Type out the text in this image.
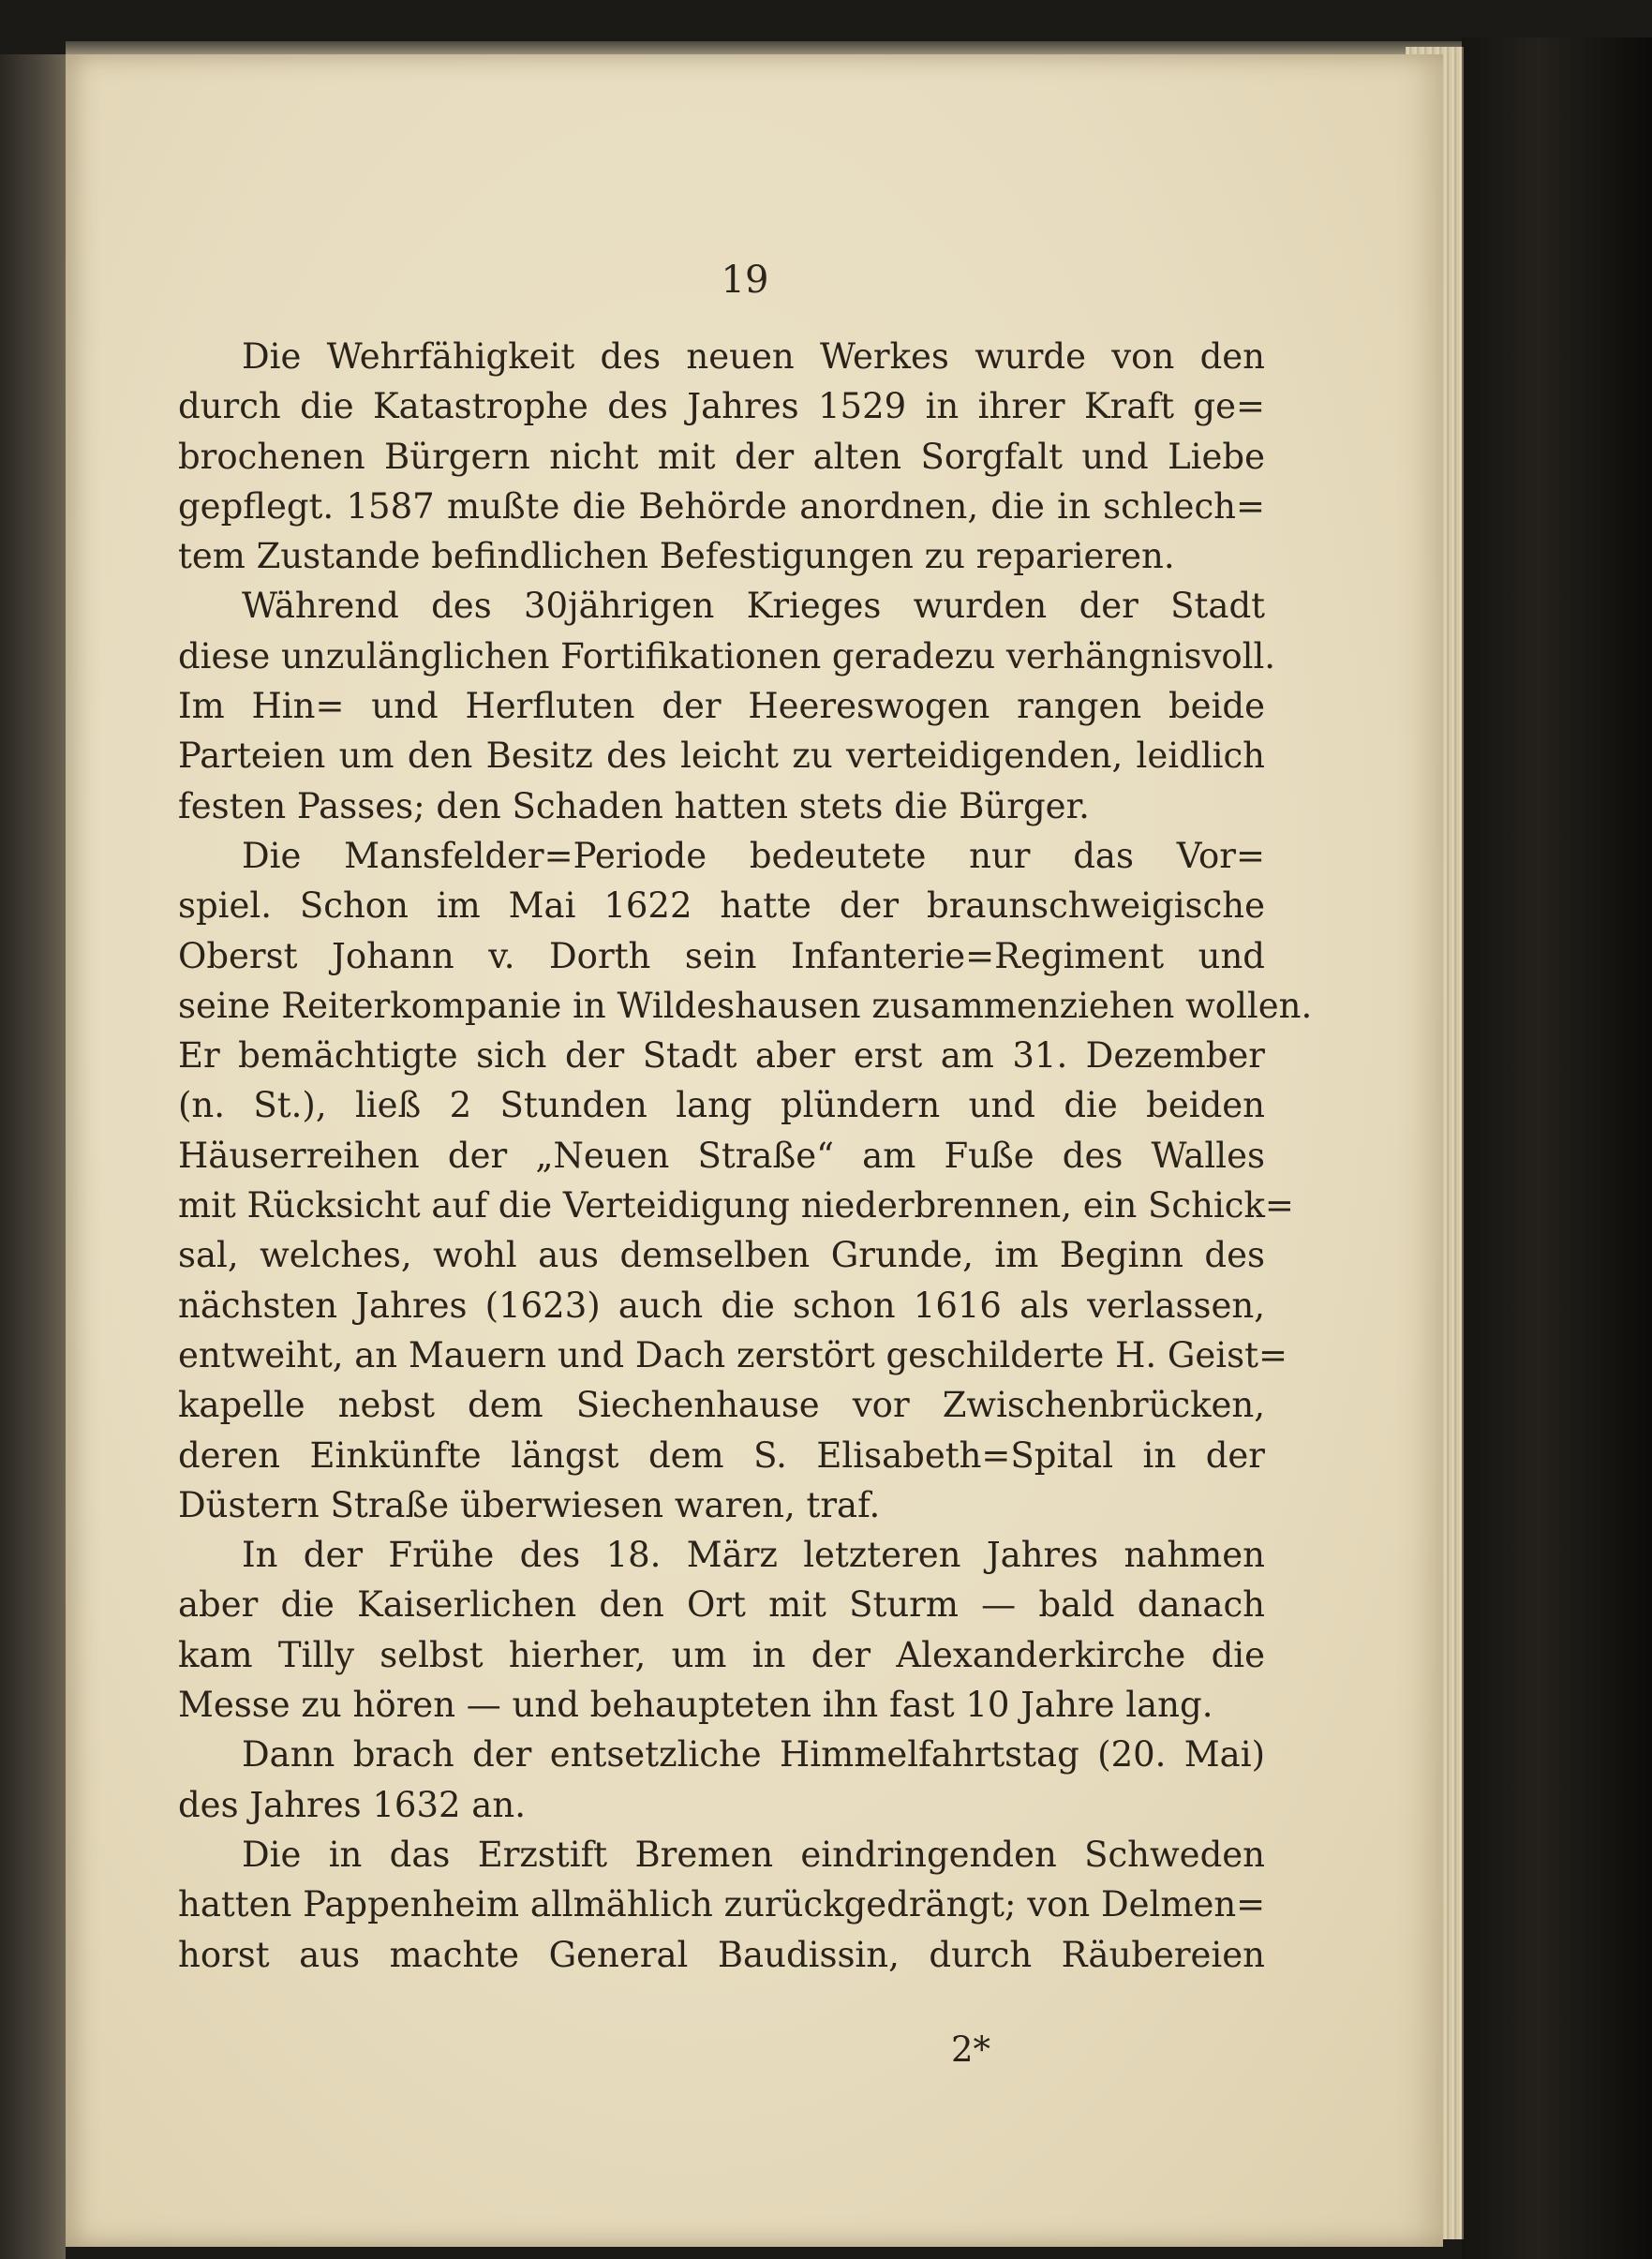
19
Die Wehrfähigkeit des neuen Werkes wurde von den
durch die Katastrophe des Jahres 1529 in ihrer Kraft ge=
brochenen Bürgern nicht mit der alten Sorgfalt und Liebe
gepflegt. 1587 mußte die Behörde anordnen, die in schlech=
tem Zustande befindlichen Befestigungen zu reparieren.
Während des 30jährigen Krieges wurden der Stadt
diese unzulänglichen Fortifikationen geradezu verhängnisvoll.
Im Hin= und Herfluten der Heereswogen rangen beide
Parteien um den Besitz des leicht zu verteidigenden, leidlich
festen Passes; den Schaden hatten stets die Bürger.
Die Mansfelder=Periode bedeutete nur das Vor=
spiel. Schon im Mai 1622 hatte der braunschweigische
Oberst Johann v. Dorth sein Infanterie=Regiment und
seine Reiterkompanie in Wildeshausen zusammenziehen wollen.
Er bemächtigte sich der Stadt aber erst am 31. Dezember
(n. St.), ließ 2 Stunden lang plündern und die beiden
Häuserreihen der „Neuen Straße“ am Fuße des Walles
mit Rücksicht auf die Verteidigung niederbrennen, ein Schick=
sal, welches, wohl aus demselben Grunde, im Beginn des
nächsten Jahres (1623) auch die schon 1616 als verlassen,
entweiht, an Mauern und Dach zerstört geschilderte H. Geist=
kapelle nebst dem Siechenhause vor Zwischenbrücken,
deren Einkünfte längst dem S. Elisabeth=Spital in der
Düstern Straße überwiesen waren, traf.
In der Frühe des 18. März letzteren Jahres nahmen
aber die Kaiserlichen den Ort mit Sturm — bald danach
kam Tilly selbst hierher, um in der Alexanderkirche die
Messe zu hören — und behaupteten ihn fast 10 Jahre lang.
Dann brach der entsetzliche Himmelfahrtstag (20. Mai)
des Jahres 1632 an.
Die in das Erzstift Bremen eindringenden Schweden
hatten Pappenheim allmählich zurückgedrängt; von Delmen=
horst aus machte General Baudissin, durch Räubereien
2*
